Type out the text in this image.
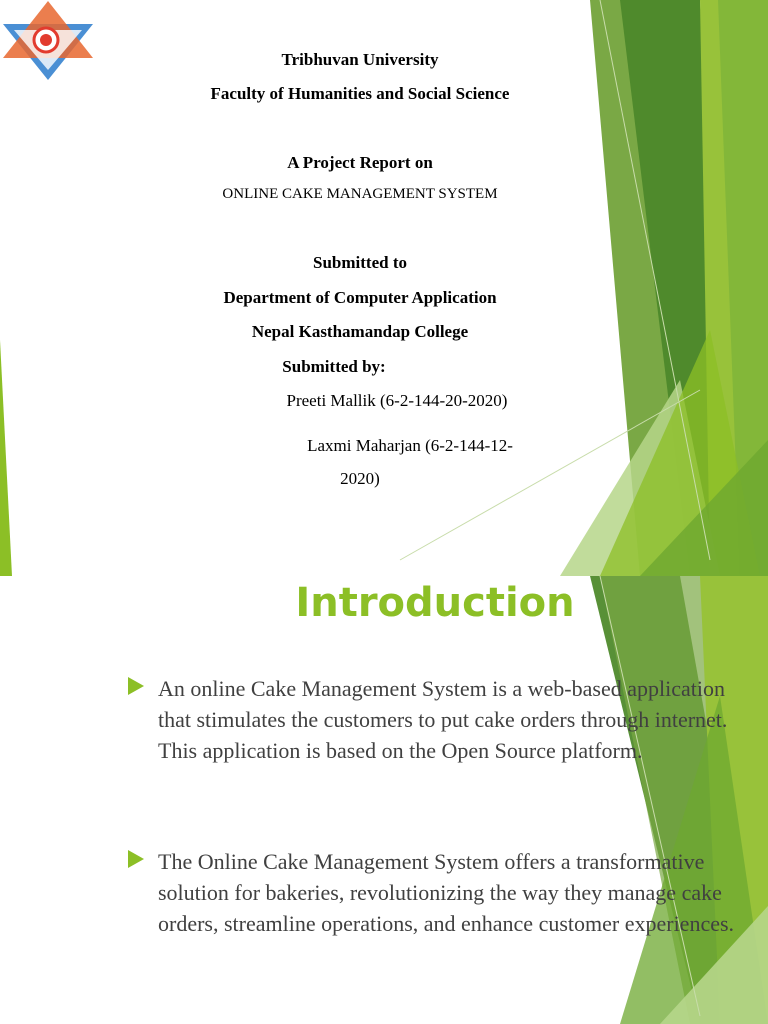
Tribhuvan University
Faculty of Humanities and Social Science
A Project Report on
ONLINE CAKE MANAGEMENT SYSTEM
Submitted to
Department of Computer Application
Nepal Kasthamandap College
Submitted by:
Preeti Mallik (6-2-144-20-2020)
Laxmi Maharjan (6-2-144-12-
2020)
Introduction
An online Cake Management System is a web-based application that stimulates the customers to put cake orders through internet. This application is based on the Open Source platform.
The Online Cake Management System offers a transformative solution for bakeries, revolutionizing the way they manage cake orders, streamline operations, and enhance customer experiences.
